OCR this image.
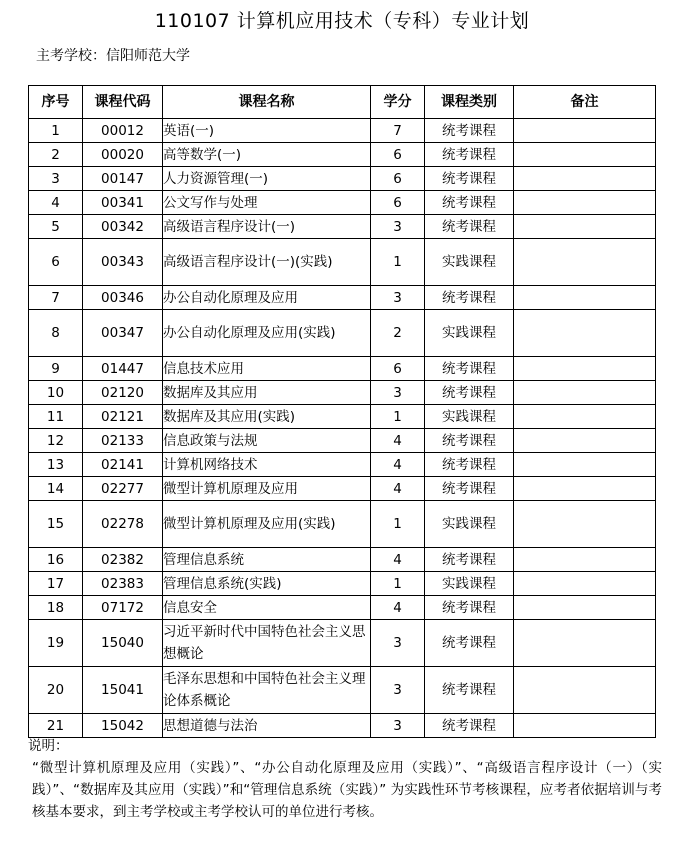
110107 计算机应用技术（专科）专业计划
主考学校：信阳师范大学
序号	课程代码	课程名称	学分	课程类别	备注
1	00012	英语(一)	7	统考课程	
2	00020	高等数学(一)	6	统考课程	
3	00147	人力资源管理(一)	6	统考课程	
4	00341	公文写作与处理	6	统考课程	
5	00342	高级语言程序设计(一)	3	统考课程	
6	00343	高级语言程序设计(一)(实践)	1	实践课程	
7	00346	办公自动化原理及应用	3	统考课程	
8	00347	办公自动化原理及应用(实践)	2	实践课程	
9	01447	信息技术应用	6	统考课程	
10	02120	数据库及其应用	3	统考课程	
11	02121	数据库及其应用(实践)	1	实践课程	
12	02133	信息政策与法规	4	统考课程	
13	02141	计算机网络技术	4	统考课程	
14	02277	微型计算机原理及应用	4	统考课程	
15	02278	微型计算机原理及应用(实践)	1	实践课程	
16	02382	管理信息系统	4	统考课程	
17	02383	管理信息系统(实践)	1	实践课程	
18	07172	信息安全	4	统考课程	
19	15040	习近平新时代中国特色社会主义思想概论	3	统考课程	
20	15041	毛泽东思想和中国特色社会主义理论体系概论	3	统考课程	
21	15042	思想道德与法治	3	统考课程	
说明：
“微型计算机原理及应用（实践）”、“办公自动化原理及应用（实践）”、“高级语言程序设计（一）（实践）”、“数据库及其应用（实践）”和“管理信息系统（实践）” 为实践性环节考核课程，应考者依据培训与考核基本要求，到主考学校或主考学校认可的单位进行考核。
